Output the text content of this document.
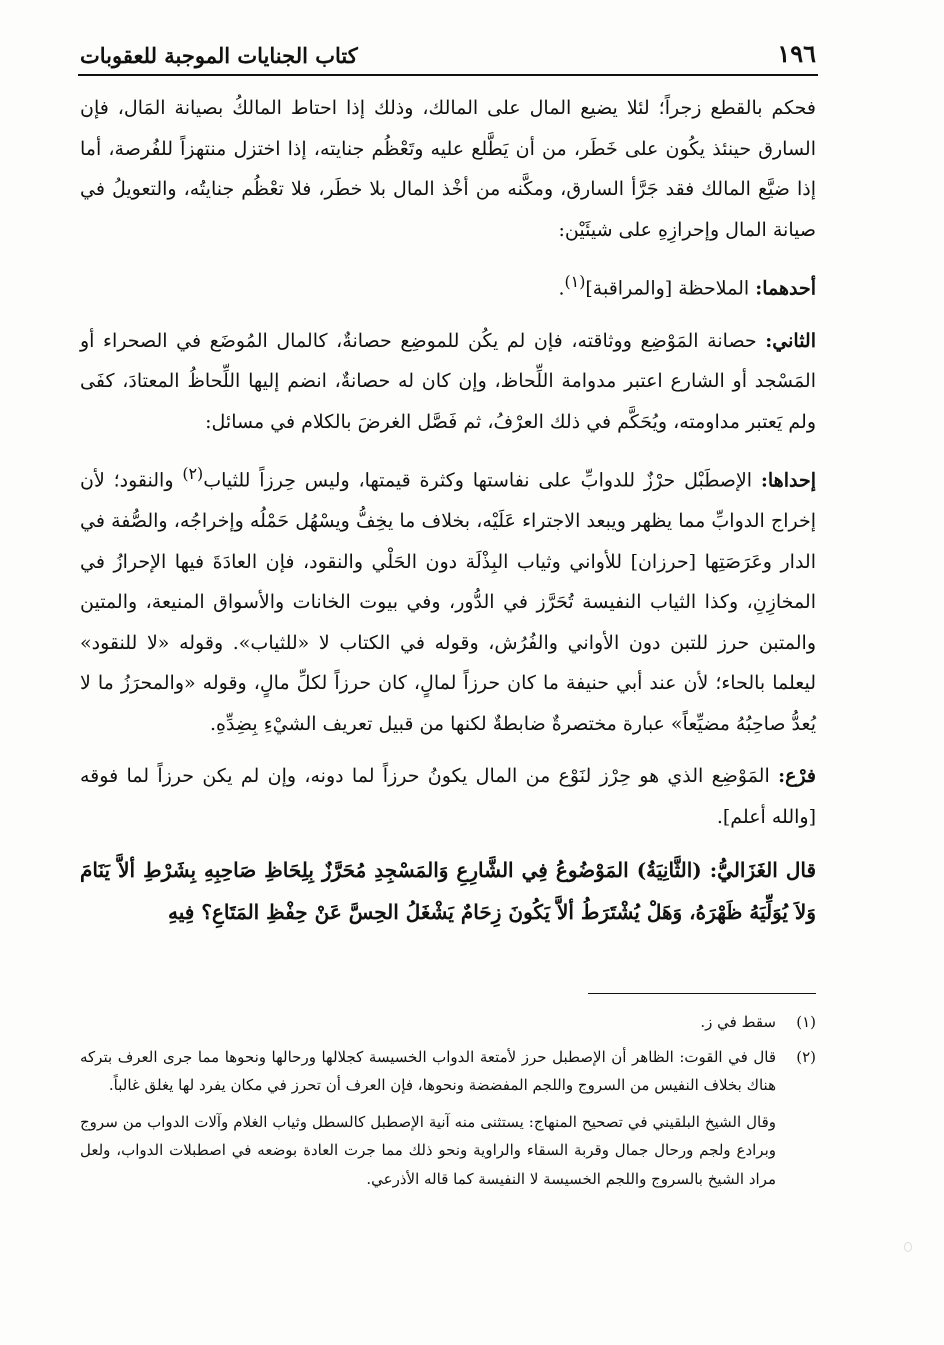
١٩٦
كتاب الجنايات الموجبة للعقوبات

فحكم بالقطع زجراً؛ لئلا يضيع المال على المالك، وذلك إذا احتاط المالكُ بصيانة المَال، فإن السارق حينئذ يكُون على خَطَر، من أن يَطَّلع عليه وتَعْظُم جنايته، إذا اختزل منتهزاً للفُرصة، أما إذا ضيَّع المالك فقد جَرَّأ السارق، ومكَّنه من أخْذ المال بلا خطَر، فلا تعْظُم جنايتُه، والتعويلُ في صيانة المال وإحرازِهِ على شيئَيْن:

أحدهما: الملاحظة [والمراقبة]$^{(١)}$.

الثاني: حصانة المَوْضِع ووثاقته، فإن لم يكُن للموضِع حصانةٌ، كالمال المُوضَع في الصحراء أو المَسْجد أو الشارع اعتبر مدوامة اللِّحاظ، وإن كان له حصانةٌ، انضم إليها اللِّحاظُ المعتادَ، كفَى ولم يَعتبر مداومته، ويُحَكَّم في ذلك العرْفُ، ثم فَصَّل الغرضَ بالكلام في مسائل:

إحداها: الإصطَبْل حرْزٌ للدوابِّ على نفاستها وكثرة قيمتها، وليس حِرزاً للثياب$^{(٢)}$ والنقود؛ لأن إخراج الدوابِّ مما يظهر ويبعد الاجتراء عَلَيْه، بخلاف ما يخِفُّ ويسْهُل حَمْلُه وإخراجُه، والصُّفة في الدار وعَرَصَتِها [حرزان] للأواني وثياب البِذْلَة دون الحَلْي والنقود، فإن العادَةَ فيها الإحرازُ في المخازِنِ، وكذا الثياب النفيسة تُحَرَّز في الدُّور، وفي بيوت الخانات والأسواق المنيعة، والمتين والمتبن حرز للتبن دون الأواني والفُرُش، وقوله في الكتاب لا «للثياب». وقوله «لا للنقود» ليعلما بالحاء؛ لأن عند أبي حنيفة ما كان حرزاً لمالٍ، كان حرزاً لكلِّ مالٍ، وقوله «والمحرَزُ ما لا يُعدُّ صاحِبُهُ مضيِّعاً» عبارة مختصرةٌ ضابطةٌ لكنها من قبيل تعريف الشيْءِ بِضِدِّهِ.

فرْع: المَوْضِع الذي هو حِرْز لنَوْع من المال يكونُ حرزاً لما دونه، وإن لم يكن حرزاً لما فوقه [والله أعلم].

قال الغَزَاليُّ: (الثَّانِيَةُ) المَوْضُوعُ فِي الشَّارِعِ وَالمَسْجِدِ مُحَرَّزٌ بِلِحَاظِ صَاحِبِهِ بِشَرْطِ ألاَّ يَنَامَ وَلاَ يُوَلِّيَهُ ظَهْرَهُ، وَهَلْ يُشْتَرَطُ ألاَّ يَكُونَ زِحَامٌ يَشْغَلُ الحِسَّ عَنْ حِفْظِ المَتَاعِ؟ فِيهِ

(١)
سقط في ز.
(٢)
قال في القوت: الظاهر أن الإصطبل حرز لأمتعة الدواب الخسيسة كجلالها ورحالها ونحوها مما جرى العرف بتركه هناك بخلاف النفيس من السروج واللجم المفضضة ونحوها، فإن العرف أن تحرز في مكان يفرد لها يغلق غالباً.
وقال الشيخ البلقيني في تصحيح المنهاج: يستثنى منه آنية الإصطبل كالسطل وثياب الغلام وآلات الدواب من سروج وبرادع ولجم ورحال جمال وقربة السقاء والراوية ونحو ذلك مما جرت العادة بوضعه في اصطبلات الدواب، ولعل مراد الشيخ بالسروج واللجم الخسيسة لا النفيسة كما قاله الأذرعي.
